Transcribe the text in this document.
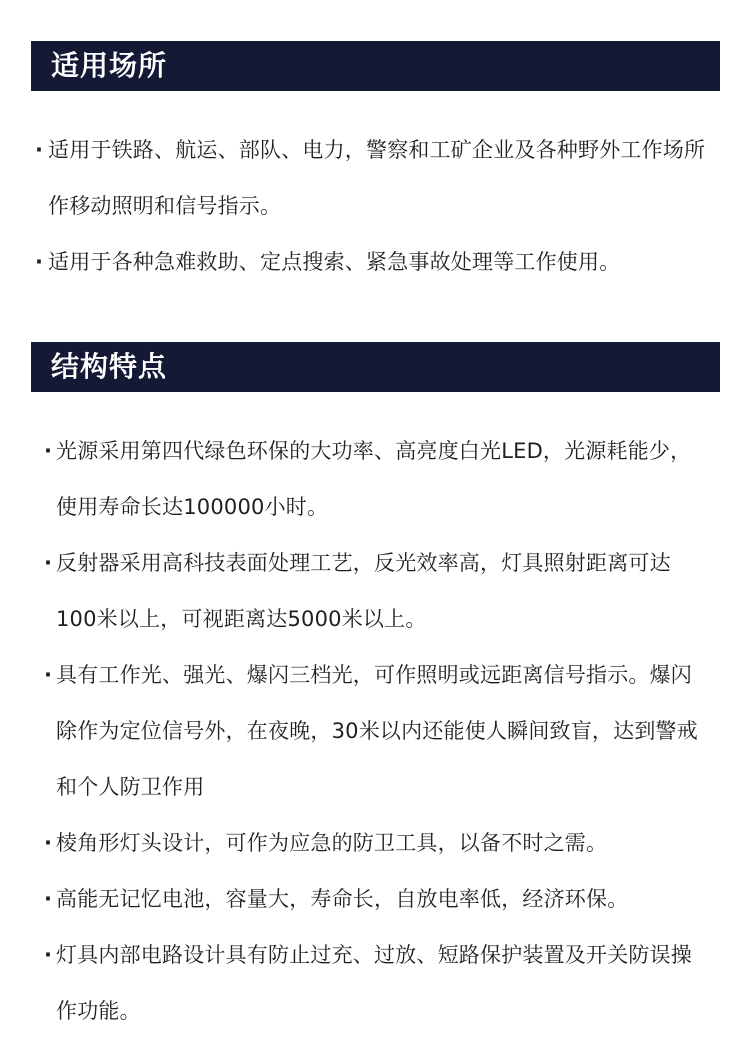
适用场所
· 适用于铁路、航运、部队、电力，警察和工矿企业及各种野外工作场所作移动照明和信号指示。
· 适用于各种急难救助、定点搜索、紧急事故处理等工作使用。
结构特点
· 光源采用第四代绿色环保的大功率、高亮度白光LED，光源耗能少，使用寿命长达100000小时。
· 反射器采用高科技表面处理工艺，反光效率高，灯具照射距离可达100米以上，可视距离达5000米以上。
· 具有工作光、强光、爆闪三档光，可作照明或远距离信号指示。爆闪除作为定位信号外，在夜晚，30米以内还能使人瞬间致盲，达到警戒和个人防卫作用
· 棱角形灯头设计，可作为应急的防卫工具，以备不时之需。
· 高能无记忆电池，容量大，寿命长，自放电率低，经济环保。
· 灯具内部电路设计具有防止过充、过放、短路保护装置及开关防误操作功能。
